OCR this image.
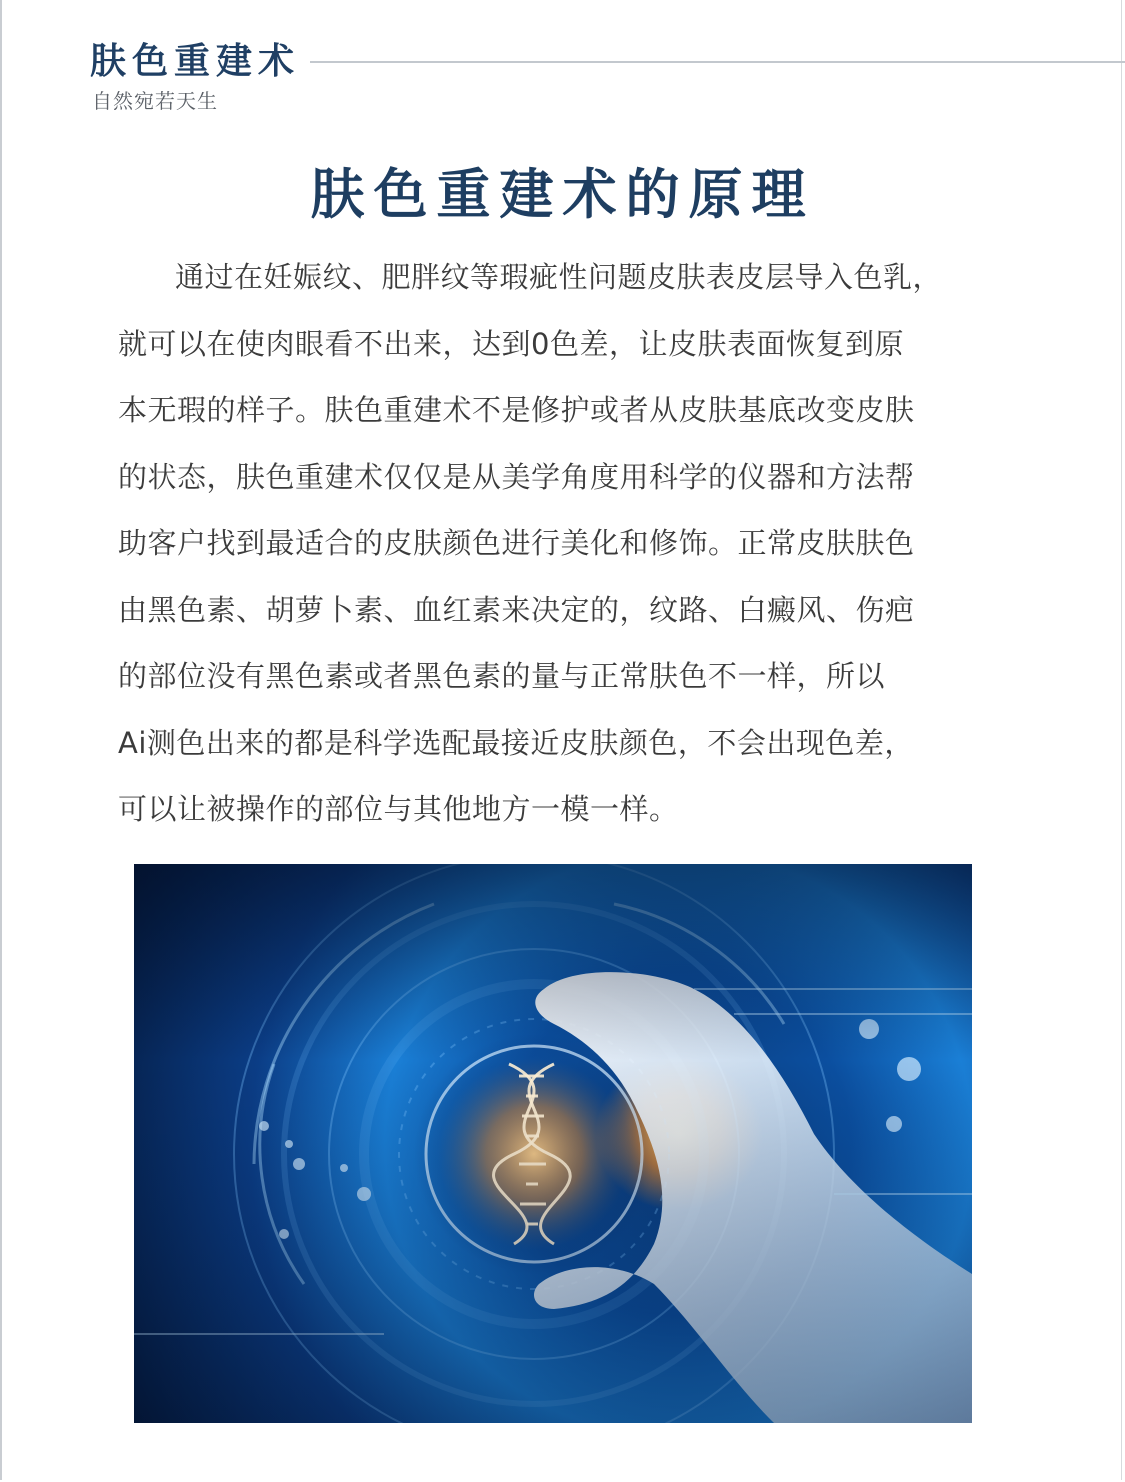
肤色重建术
自然宛若天生
肤色重建术的原理
通过在妊娠纹、肥胖纹等瑕疵性问题皮肤表皮层导入色乳，
就可以在使肉眼看不出来，达到0色差，让皮肤表面恢复到原
本无瑕的样子。肤色重建术不是修护或者从皮肤基底改变皮肤
的状态，肤色重建术仅仅是从美学角度用科学的仪器和方法帮
助客户找到最适合的皮肤颜色进行美化和修饰。正常皮肤肤色
由黑色素、胡萝卜素、血红素来决定的，纹路、白癜风、伤疤
的部位没有黑色素或者黑色素的量与正常肤色不一样，所以
Ai测色出来的都是科学选配最接近皮肤颜色，不会出现色差，
可以让被操作的部位与其他地方一模一样。
